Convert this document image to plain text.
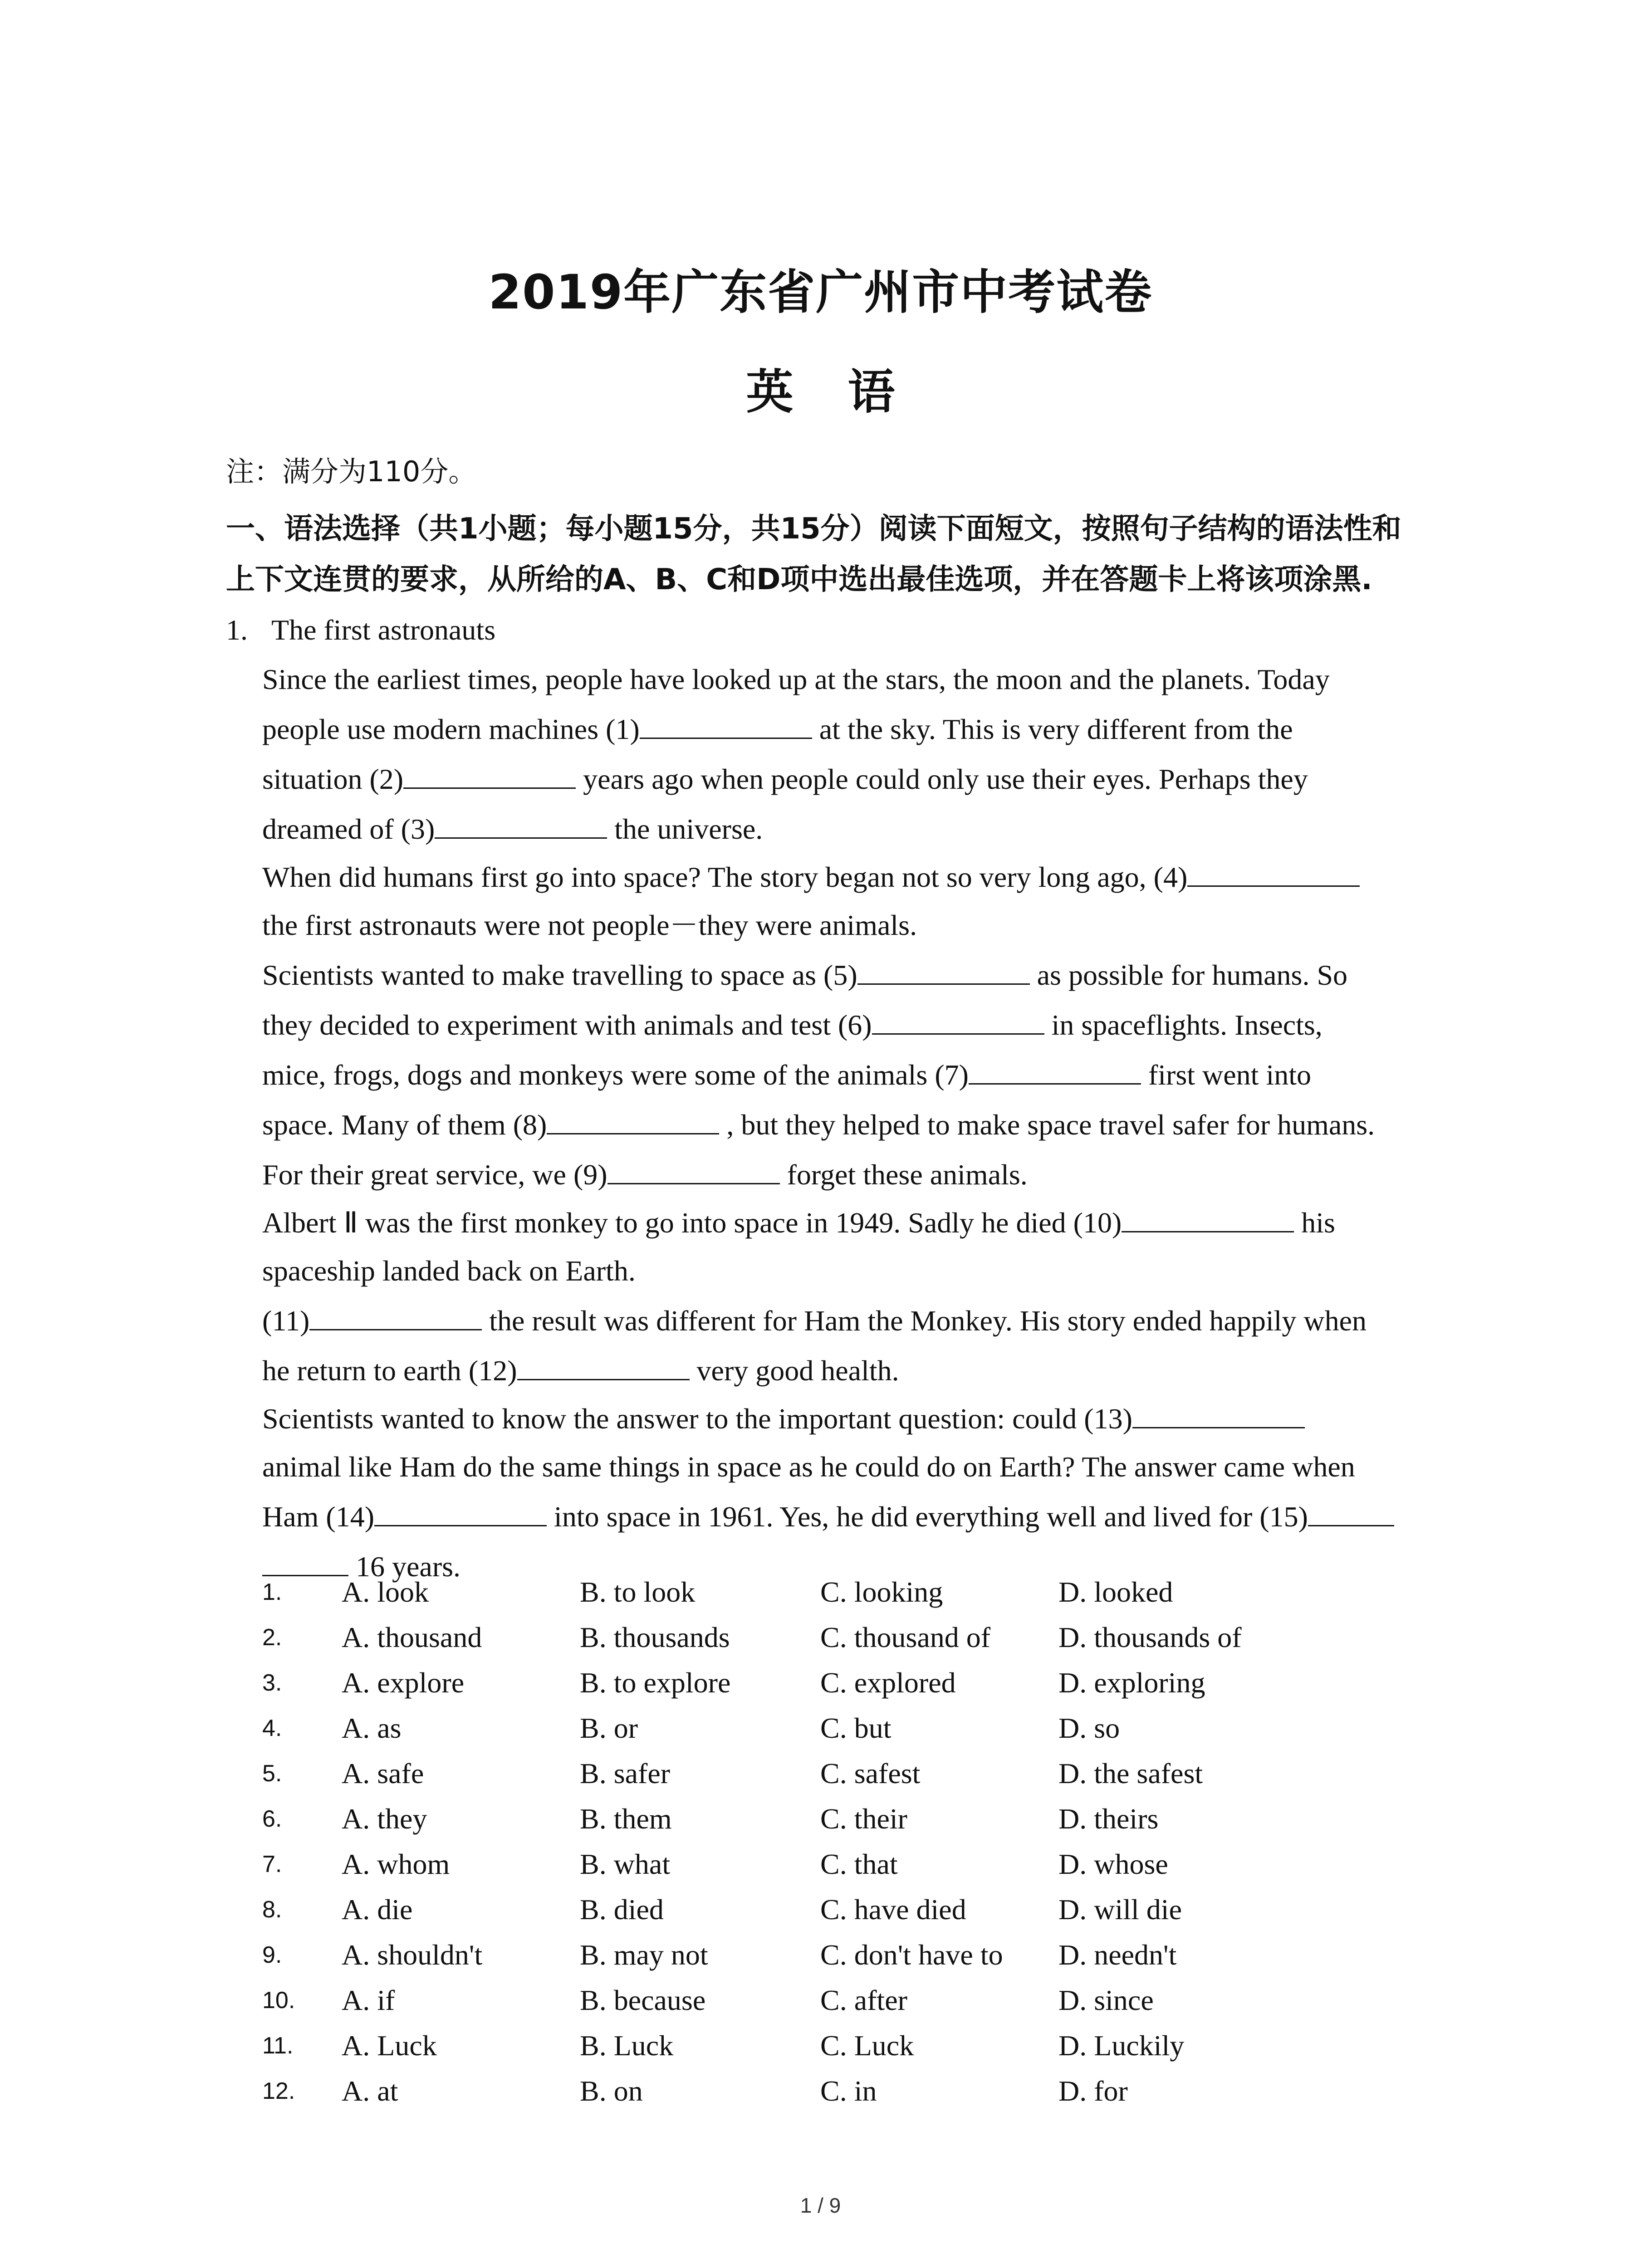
2019年广东省广州市中考试卷
英 语
注：满分为110分。
一、语法选择（共1小题；每小题15分，共15分）阅读下面短文，按照句子结构的语法性和
上下文连贯的要求，从所给的A、B、C和D项中选出最佳选项，并在答题卡上将该项涂黑.
1. The first astronauts
Since the earliest times, people have looked up at the stars, the moon and the planets. Today
people use modern machines (1)	at the sky. This is very different from the
situation (2)	years ago when people could only use their eyes. Perhaps they
dreamed of (3)	the universe.
When did humans first go into space? The story began not so very long ago, (4)
the first astronauts were not people－they were animals.
Scientists wanted to make travelling to space as (5)	as possible for humans. So
they decided to experiment with animals and test (6)	in spaceflights. Insects,
mice, frogs, dogs and monkeys were some of the animals (7)	first went into
space. Many of them (8)	, but they helped to make space travel safer for humans.
For their great service, we (9)	forget these animals.
Albert Ⅱ was the first monkey to go into space in 1949. Sadly he died (10)	his
spaceship landed back on Earth.
(11)	the result was different for Ham the Monkey. His story ended happily when
he return to earth (12)	very good health.
Scientists wanted to know the answer to the important question: could (13)
animal like Ham do the same things in space as he could do on Earth? The answer came when
Ham (14)	into space in 1961. Yes, he did everything well and lived for (15)
16 years.
1. A. look	B. to look	C. looking	D. looked
2. A. thousand	B. thousands	C. thousand of D. thousands of
3. A. explore	B. to explore	C. explored	D. exploring
4. A. as	B. or	C. but	D. so
5. A. safe	B. safer	C. safest	D. the safest
6. A. they	B. them	C. their	D. theirs
7. A. whom	B. what	C. that	D. whose
8. A. die	B. died	C. have died	D. will die
9. A. shouldn't	B. may not	C. don't have to D. needn't
10. A. if	B. because	C. after	D. since
11. A. Luck	B. Luck	C. Luck	D. Luckily
12. A. at	B. on	C. in	D. for
1 / 9
